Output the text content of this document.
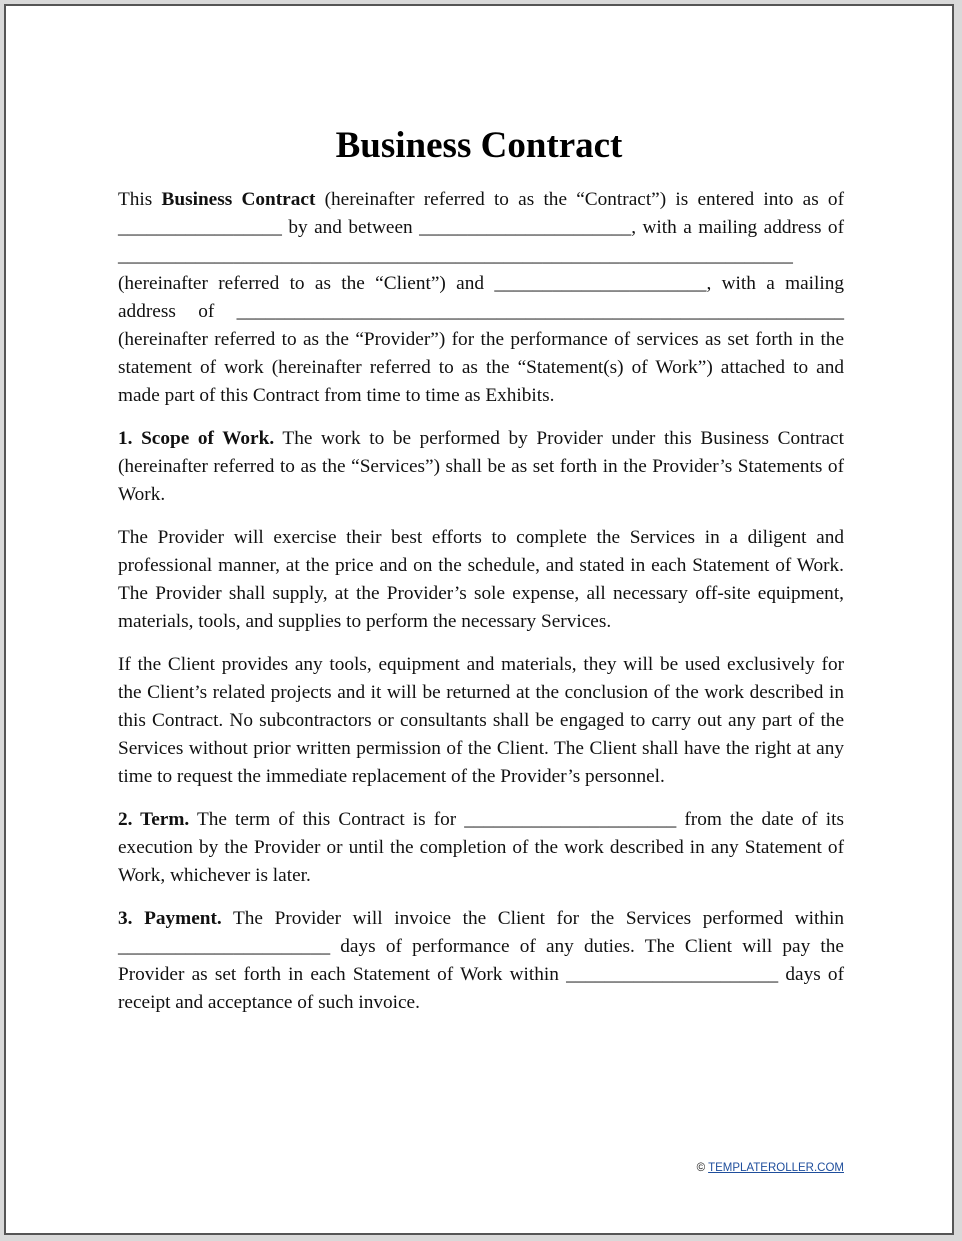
Business Contract

This Business Contract (hereinafter referred to as the “Contract”) is entered into as of _________________ by and between ______________________, with a mailing address of ______________________________________________________________________ (hereinafter referred to as the “Client”) and ______________________, with a mailing address of _______________________________________________________________ (hereinafter referred to as the “Provider”) for the performance of services as set forth in the statement of work (hereinafter referred to as the “Statement(s) of Work”) attached to and made part of this Contract from time to time as Exhibits.

1. Scope of Work. The work to be performed by Provider under this Business Contract (hereinafter referred to as the “Services”) shall be as set forth in the Provider’s Statements of Work.

The Provider will exercise their best efforts to complete the Services in a diligent and professional manner, at the price and on the schedule, and stated in each Statement of Work. The Provider shall supply, at the Provider’s sole expense, all necessary off-site equipment, materials, tools, and supplies to perform the necessary Services.

If the Client provides any tools, equipment and materials, they will be used exclusively for the Client’s related projects and it will be returned at the conclusion of the work described in this Contract. No subcontractors or consultants shall be engaged to carry out any part of the Services without prior written permission of the Client. The Client shall have the right at any time to request the immediate replacement of the Provider’s personnel.

2. Term. The term of this Contract is for ______________________ from the date of its execution by the Provider or until the completion of the work described in any Statement of Work, whichever is later.

3. Payment. The Provider will invoice the Client for the Services performed within ______________________ days of performance of any duties. The Client will pay the Provider as set forth in each Statement of Work within ______________________ days of receipt and acceptance of such invoice.

© TEMPLATEROLLER.COM
